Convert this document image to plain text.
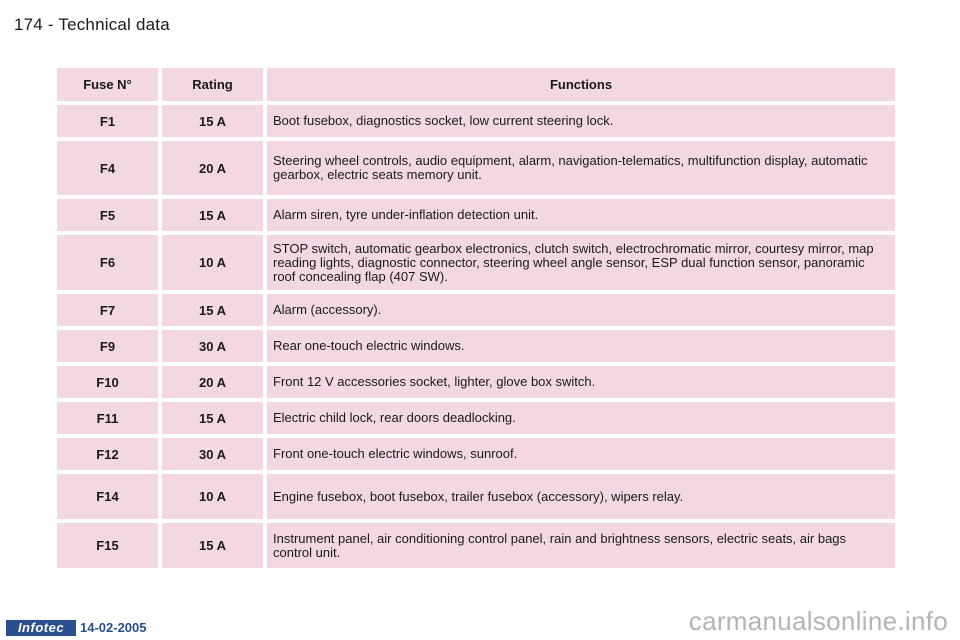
174 - Technical data
Fuse N°	Rating	Functions
F1	15 A	Boot fusebox, diagnostics socket, low current steering lock.
F4	20 A	Steering wheel controls, audio equipment, alarm, navigation-telematics, multifunction display, automatic gearbox, electric seats memory unit.
F5	15 A	Alarm siren, tyre under-inflation detection unit.
F6	10 A	STOP switch, automatic gearbox electronics, clutch switch, electrochromatic mirror, courtesy mirror, map reading lights, diagnostic connector, steering wheel angle sensor, ESP dual function sensor, panoramic roof concealing flap (407 SW).
F7	15 A	Alarm (accessory).
F9	30 A	Rear one-touch electric windows.
F10	20 A	Front 12 V accessories socket, lighter, glove box switch.
F11	15 A	Electric child lock, rear doors deadlocking.
F12	30 A	Front one-touch electric windows, sunroof.
F14	10 A	Engine fusebox, boot fusebox, trailer fusebox (accessory), wipers relay.
F15	15 A	Instrument panel, air conditioning control panel, rain and brightness sensors, electric seats, air bags control unit.
Infotec	14-02-2005	carmanualsonline.info
